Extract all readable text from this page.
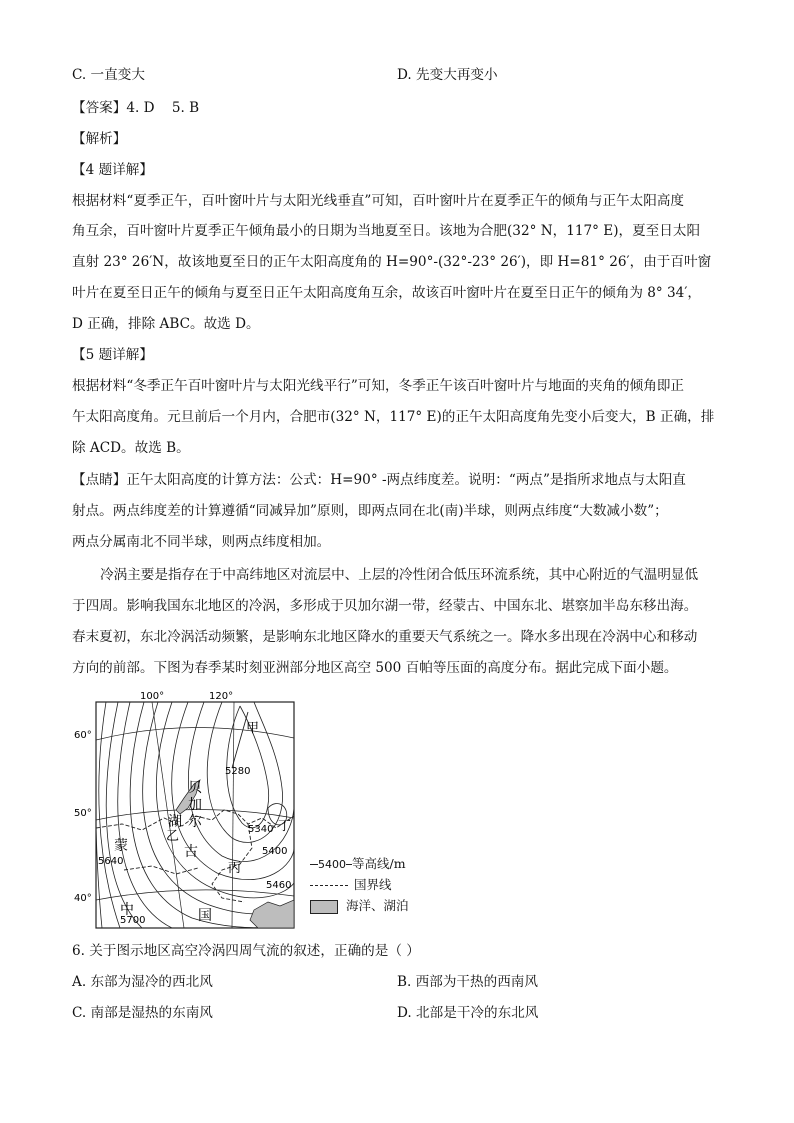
C. 一直变大	D. 先变大再变小
【答案】4. D    5. B
【解析】
【4 题详解】
根据材料“夏季正午，百叶窗叶片与太阳光线垂直”可知，百叶窗叶片在夏季正午的倾角与正午太阳高度
角互余，百叶窗叶片夏季正午倾角最小的日期为当地夏至日。该地为合肥(32° N，117° E)，夏至日太阳
直射 23° 26′N，故该地夏至日的正午太阳高度角的 H=90°-(32°-23° 26′)，即 H=81° 26′，由于百叶窗
叶片在夏至日正午的倾角与夏至日正午太阳高度角互余，故该百叶窗叶片在夏至日正午的倾角为 8° 34′，
D 正确，排除 ABC。故选 D。
【5 题详解】
根据材料“冬季正午百叶窗叶片与太阳光线平行”可知，冬季正午该百叶窗叶片与地面的夹角的倾角即正
午太阳高度角。元旦前后一个月内，合肥市(32° N，117° E)的正午太阳高度角先变小后变大，B 正确，排
除 ACD。故选 B。
【点睛】正午太阳高度的计算方法：公式：H=90° -两点纬度差。说明：“两点”是指所求地点与太阳直
射点。两点纬度差的计算遵循“同减异加”原则，即两点同在北(南)半球，则两点纬度“大数减小数”；
两点分属南北不同半球，则两点纬度相加。
冷涡主要是指存在于中高纬地区对流层中、上层的冷性闭合低压环流系统，其中心附近的气温明显低
于四周。影响我国东北地区的冷涡，多形成于贝加尔湖一带，经蒙古、中国东北、堪察加半岛东移出海。
春末夏初，东北冷涡活动频繁，是影响东北地区降水的重要天气系统之一。降水多出现在冷涡中心和移动
方向的前部。下图为春季某时刻亚洲部分地区高空 500 百帕等压面的高度分布。据此完成下面小题。
100°	120°
60°
50°
40°
5280
5340
5400
5460
5640
5700
甲
乙
丙
丁
贝
加
尔
湖
蒙	古
中	国
5400 等高线/m
国界线
海洋、湖泊
6. 关于图示地区高空冷涡四周气流的叙述，正确的是（ ）
A. 东部为湿冷的西北风	B. 西部为干热的西南风
C. 南部是湿热的东南风	D. 北部是干冷的东北风
